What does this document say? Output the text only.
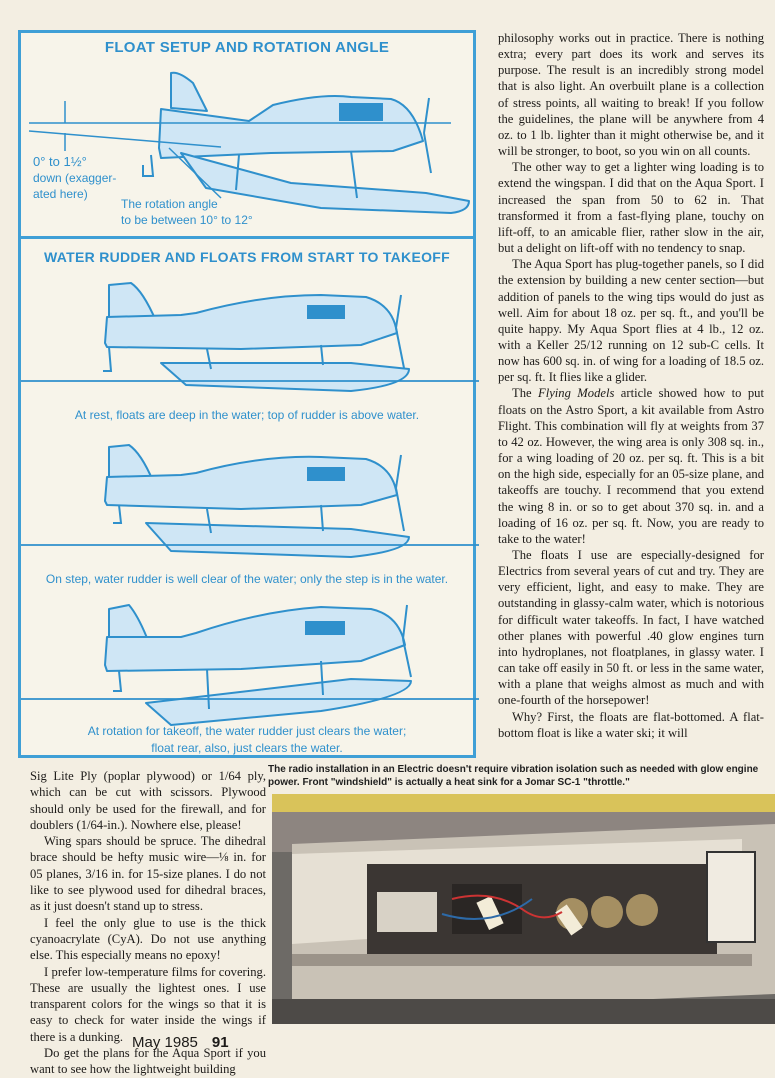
FLOAT SETUP AND ROTATION ANGLE
0° to 1½°
down (exagger-
ated here)
The rotation angle
to be between 10° to 12°
WATER RUDDER AND FLOATS FROM START TO TAKEOFF
At rest, floats are deep in the water; top of rudder is above water.
On step, water rudder is well clear of the water; only the step is in the water.
At rotation for takeoff, the water rudder just clears the water;
float rear, also, just clears the water.

philosophy works out in practice. There is nothing extra; every part does its work and serves its purpose. The result is an incredibly strong model that is also light. An overbuilt plane is a collection of stress points, all waiting to break! If you follow the guidelines, the plane will be anywhere from 4 oz. to 1 lb. lighter than it might otherwise be, and it will be stronger, to boot, so you win on all counts.

The other way to get a lighter wing loading is to extend the wingspan. I did that on the Aqua Sport. I increased the span from 50 to 62 in. That transformed it from a fast-flying plane, touchy on lift-off, to an amicable flier, rather slow in the air, but a delight on lift-off with no tendency to snap.

The Aqua Sport has plug-together panels, so I did the extension by building a new center section—but addition of panels to the wing tips would do just as well. Aim for about 18 oz. per sq. ft., and you'll be quite happy. My Aqua Sport flies at 4 lb., 12 oz. with a Keller 25/12 running on 12 sub-C cells. It now has 600 sq. in. of wing for a loading of 18.5 oz. per sq. ft. It flies like a glider.

The Flying Models article showed how to put floats on the Astro Sport, a kit available from Astro Flight. This combination will fly at weights from 37 to 42 oz. However, the wing area is only 308 sq. in., for a wing loading of 20 oz. per sq. ft. This is a bit on the high side, especially for an 05-size plane, and takeoffs are touchy. I recommend that you extend the wing 8 in. or so to get about 370 sq. in. and a loading of 16 oz. per sq. ft. Now, you are ready to take to the water!

The floats I use are especially-designed for Electrics from several years of cut and try. They are very efficient, light, and easy to make. They are outstanding in glassy-calm water, which is notorious for difficult water takeoffs. In fact, I have watched other planes with powerful .40 glow engines turn into hydroplanes, not floatplanes, in glassy water. I can take off easily in 50 ft. or less in the same water, with a plane that weighs almost as much and with one-fourth of the horsepower!

Why? First, the floats are flat-bottomed. A flat-bottom float is like a water ski; it will

Sig Lite Ply (poplar plywood) or 1/64 ply, which can be cut with scissors. Plywood should only be used for the firewall, and for doublers (1/64-in.). Nowhere else, please!

Wing spars should be spruce. The dihedral brace should be hefty music wire—⅛ in. for 05 planes, 3/16 in. for 15-size planes. I do not like to see plywood used for dihedral braces, as it just doesn't stand up to stress.

I feel the only glue to use is the thick cyanoacrylate (CyA). Do not use anything else. This especially means no epoxy!

I prefer low-temperature films for covering. These are usually the lightest ones. I use transparent colors for the wings so that it is easy to check for water inside the wings if there is a dunking.

Do get the plans for the Aqua Sport if you want to see how the lightweight building

The radio installation in an Electric doesn't require vibration isolation such as needed with glow engine power. Front "windshield" is actually a heat sink for a Jomar SC-1 "throttle."
May 1985 91
